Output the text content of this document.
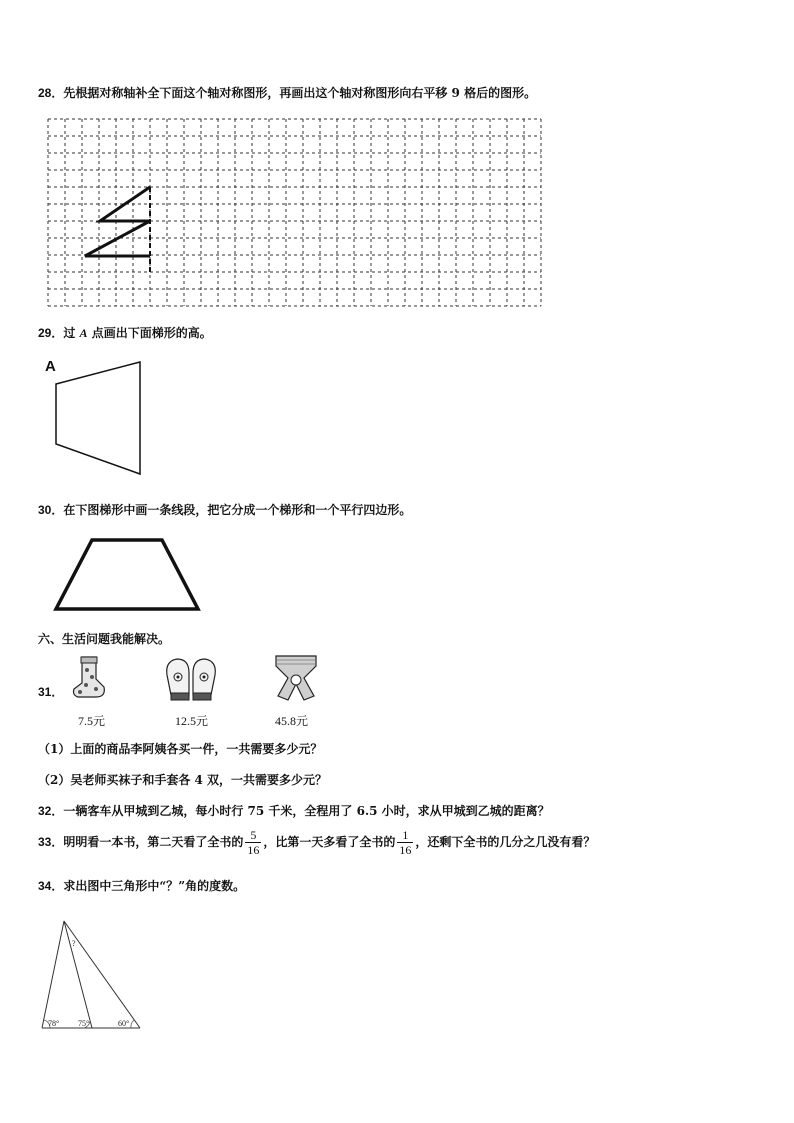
28．先根据对称轴补全下面这个轴对称图形，再画出这个轴对称图形向右平移 9 格后的图形。
29．过 A 点画出下面梯形的高。
A
30．在下图梯形中画一条线段，把它分成一个梯形和一个平行四边形。
六、生活问题我能解决。
31．
7.5元	12.5元	45.8元
（1）上面的商品李阿姨各买一件，一共需要多少元？
（2）吴老师买袜子和手套各 4 双，一共需要多少元？
32．一辆客车从甲城到乙城，每小时行 75 千米，全程用了 6.5 小时，求从甲城到乙城的距离？
33．明明看一本书，第二天看了全书的 $\frac{5}{16}$ ，比第一天多看了全书的 $\frac{1}{16}$ ，还剩下全书的几分之几没有看？
34．求出图中三角形中“？”角的度数。
78° 75°	60°
?
